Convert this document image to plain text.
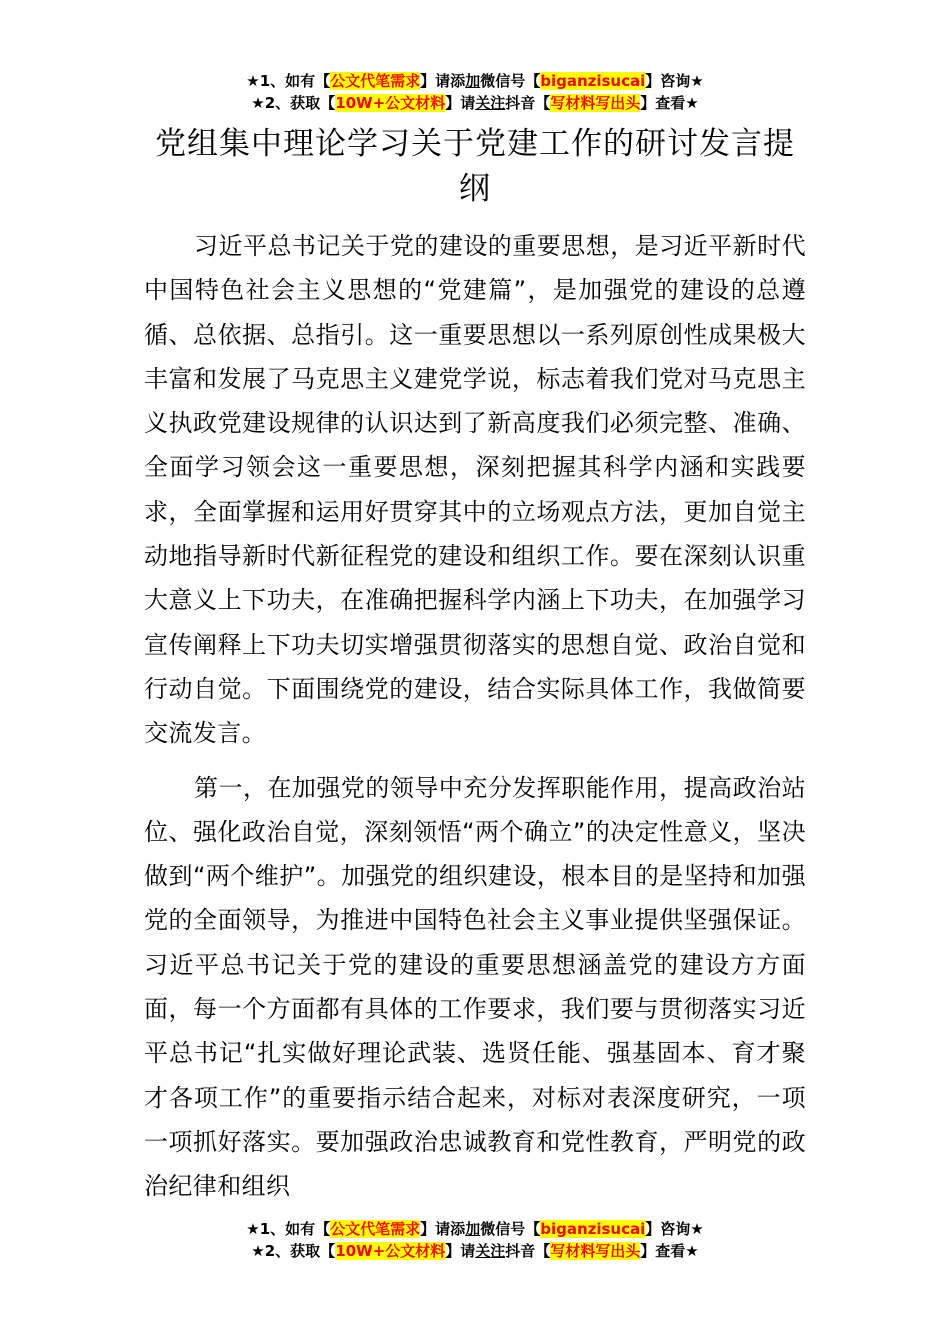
★1、如有【公文代笔需求】请添加微信号【biganzisucai】咨询★
★2、获取【10W+公文材料】请关注抖音【写材料写出头】查看★
党组集中理论学习关于党建工作的研讨发言提纲

习近平总书记关于党的建设的重要思想，是习近平新时代中国特色社会主义思想的“党建篇”，是加强党的建设的总遵循、总依据、总指引。这一重要思想以一系列原创性成果极大丰富和发展了马克思主义建党学说，标志着我们党对马克思主义执政党建设规律的认识达到了新高度我们必须完整、准确、全面学习领会这一重要思想，深刻把握其科学内涵和实践要求，全面掌握和运用好贯穿其中的立场观点方法，更加自觉主动地指导新时代新征程党的建设和组织工作。要在深刻认识重大意义上下功夫，在准确把握科学内涵上下功夫，在加强学习宣传阐释上下功夫切实增强贯彻落实的思想自觉、政治自觉和行动自觉。下面围绕党的建设，结合实际具体工作，我做简要交流发言。

第一，在加强党的领导中充分发挥职能作用，提高政治站位、强化政治自觉，深刻领悟“两个确立”的决定性意义，坚决做到“两个维护”。加强党的组织建设，根本目的是坚持和加强党的全面领导，为推进中国特色社会主义事业提供坚强保证。习近平总书记关于党的建设的重要思想涵盖党的建设方方面面，每一个方面都有具体的工作要求，我们要与贯彻落实习近平总书记“扎实做好理论武装、选贤任能、强基固本、育才聚才各项工作”的重要指示结合起来，对标对表深度研究，一项一项抓好落实。要加强政治忠诚教育和党性教育，严明党的政治纪律和组织

★1、如有【公文代笔需求】请添加微信号【biganzisucai】咨询★
★2、获取【10W+公文材料】请关注抖音【写材料写出头】查看★
